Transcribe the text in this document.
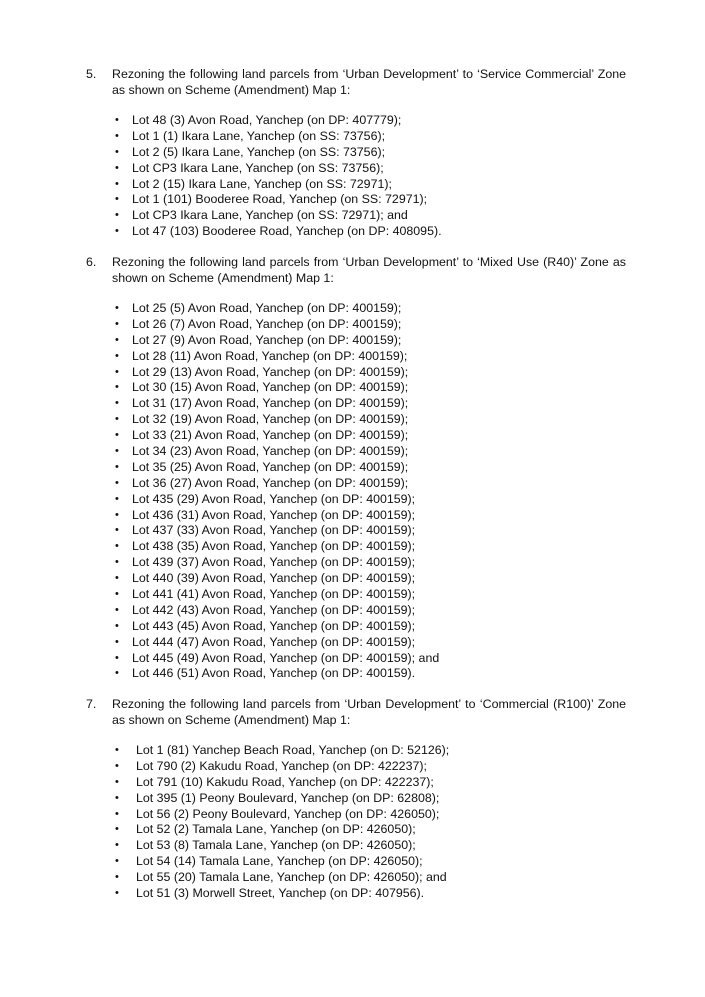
5. Rezoning the following land parcels from ‘Urban Development’ to ‘Service Commercial’ Zone as shown on Scheme (Amendment) Map 1:
• Lot 48 (3) Avon Road, Yanchep (on DP: 407779);
• Lot 1 (1) Ikara Lane, Yanchep (on SS: 73756);
• Lot 2 (5) Ikara Lane, Yanchep (on SS: 73756);
• Lot CP3 Ikara Lane, Yanchep (on SS: 73756);
• Lot 2 (15) Ikara Lane, Yanchep (on SS: 72971);
• Lot 1 (101) Booderee Road, Yanchep (on SS: 72971);
• Lot CP3 Ikara Lane, Yanchep (on SS: 72971); and
• Lot 47 (103) Booderee Road, Yanchep (on DP: 408095).
6. Rezoning the following land parcels from ‘Urban Development’ to ‘Mixed Use (R40)’ Zone as shown on Scheme (Amendment) Map 1:
• Lot 25 (5) Avon Road, Yanchep (on DP: 400159);
• Lot 26 (7) Avon Road, Yanchep (on DP: 400159);
• Lot 27 (9) Avon Road, Yanchep (on DP: 400159);
• Lot 28 (11) Avon Road, Yanchep (on DP: 400159);
• Lot 29 (13) Avon Road, Yanchep (on DP: 400159);
• Lot 30 (15) Avon Road, Yanchep (on DP: 400159);
• Lot 31 (17) Avon Road, Yanchep (on DP: 400159);
• Lot 32 (19) Avon Road, Yanchep (on DP: 400159);
• Lot 33 (21) Avon Road, Yanchep (on DP: 400159);
• Lot 34 (23) Avon Road, Yanchep (on DP: 400159);
• Lot 35 (25) Avon Road, Yanchep (on DP: 400159);
• Lot 36 (27) Avon Road, Yanchep (on DP: 400159);
• Lot 435 (29) Avon Road, Yanchep (on DP: 400159);
• Lot 436 (31) Avon Road, Yanchep (on DP: 400159);
• Lot 437 (33) Avon Road, Yanchep (on DP: 400159);
• Lot 438 (35) Avon Road, Yanchep (on DP: 400159);
• Lot 439 (37) Avon Road, Yanchep (on DP: 400159);
• Lot 440 (39) Avon Road, Yanchep (on DP: 400159);
• Lot 441 (41) Avon Road, Yanchep (on DP: 400159);
• Lot 442 (43) Avon Road, Yanchep (on DP: 400159);
• Lot 443 (45) Avon Road, Yanchep (on DP: 400159);
• Lot 444 (47) Avon Road, Yanchep (on DP: 400159);
• Lot 445 (49) Avon Road, Yanchep (on DP: 400159); and
• Lot 446 (51) Avon Road, Yanchep (on DP: 400159).
7. Rezoning the following land parcels from ‘Urban Development’ to ‘Commercial (R100)’ Zone as shown on Scheme (Amendment) Map 1:
• Lot 1 (81) Yanchep Beach Road, Yanchep (on D: 52126);
• Lot 790 (2) Kakudu Road, Yanchep (on DP: 422237);
• Lot 791 (10) Kakudu Road, Yanchep (on DP: 422237);
• Lot 395 (1) Peony Boulevard, Yanchep (on DP: 62808);
• Lot 56 (2) Peony Boulevard, Yanchep (on DP: 426050);
• Lot 52 (2) Tamala Lane, Yanchep (on DP: 426050);
• Lot 53 (8) Tamala Lane, Yanchep (on DP: 426050);
• Lot 54 (14) Tamala Lane, Yanchep (on DP: 426050);
• Lot 55 (20) Tamala Lane, Yanchep (on DP: 426050); and
• Lot 51 (3) Morwell Street, Yanchep (on DP: 407956).
